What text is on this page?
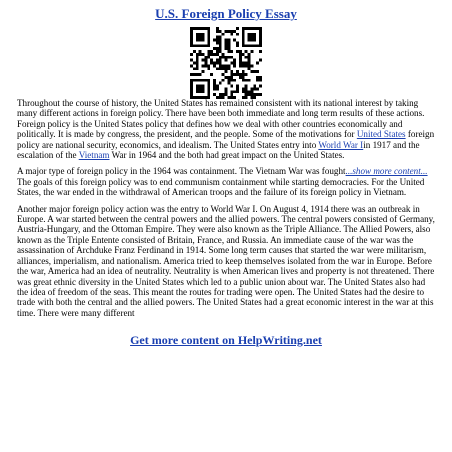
U.S. Foreign Policy Essay

Throughout the course of history, the United States has remained consistent with its national interest by taking many different actions in foreign policy. There have been both immediate and long term results of these actions. Foreign policy is the United States policy that defines how we deal with other countries economically and politically. It is made by congress, the president, and the people. Some of the motivations for United States foreign policy are national security, economics, and idealism. The United States entry into World War Iin 1917 and the escalation of the Vietnam War in 1964 and the both had great impact on the United States.

A major type of foreign policy in the 1964 was containment. The Vietnam War was fought...show more content...
The goals of this foreign policy was to end communism containment while starting democracies. For the United States, the war ended in the withdrawal of American troops and the failure of its foreign policy in Vietnam.

Another major foreign policy action was the entry to World War I. On August 4, 1914 there was an outbreak in Europe. A war started between the central powers and the allied powers. The central powers consisted of Germany, Austria-Hungary, and the Ottoman Empire. They were also known as the Triple Alliance. The Allied Powers, also known as the Triple Entente consisted of Britain, France, and Russia. An immediate cause of the war was the assassination of Archduke Franz Ferdinand in 1914. Some long term causes that started the war were militarism, alliances, imperialism, and nationalism. America tried to keep themselves isolated from the war in Europe. Before the war, America had an idea of neutrality. Neutrality is when American lives and property is not threatened. There was great ethnic diversity in the United States which led to a public union about war. The United States also had the idea of freedom of the seas. This meant the routes for trading were open. The United States had the desire to trade with both the central and the allied powers. The United States had a great economic interest in the war at this time. There were many different

Get more content on HelpWriting.net
